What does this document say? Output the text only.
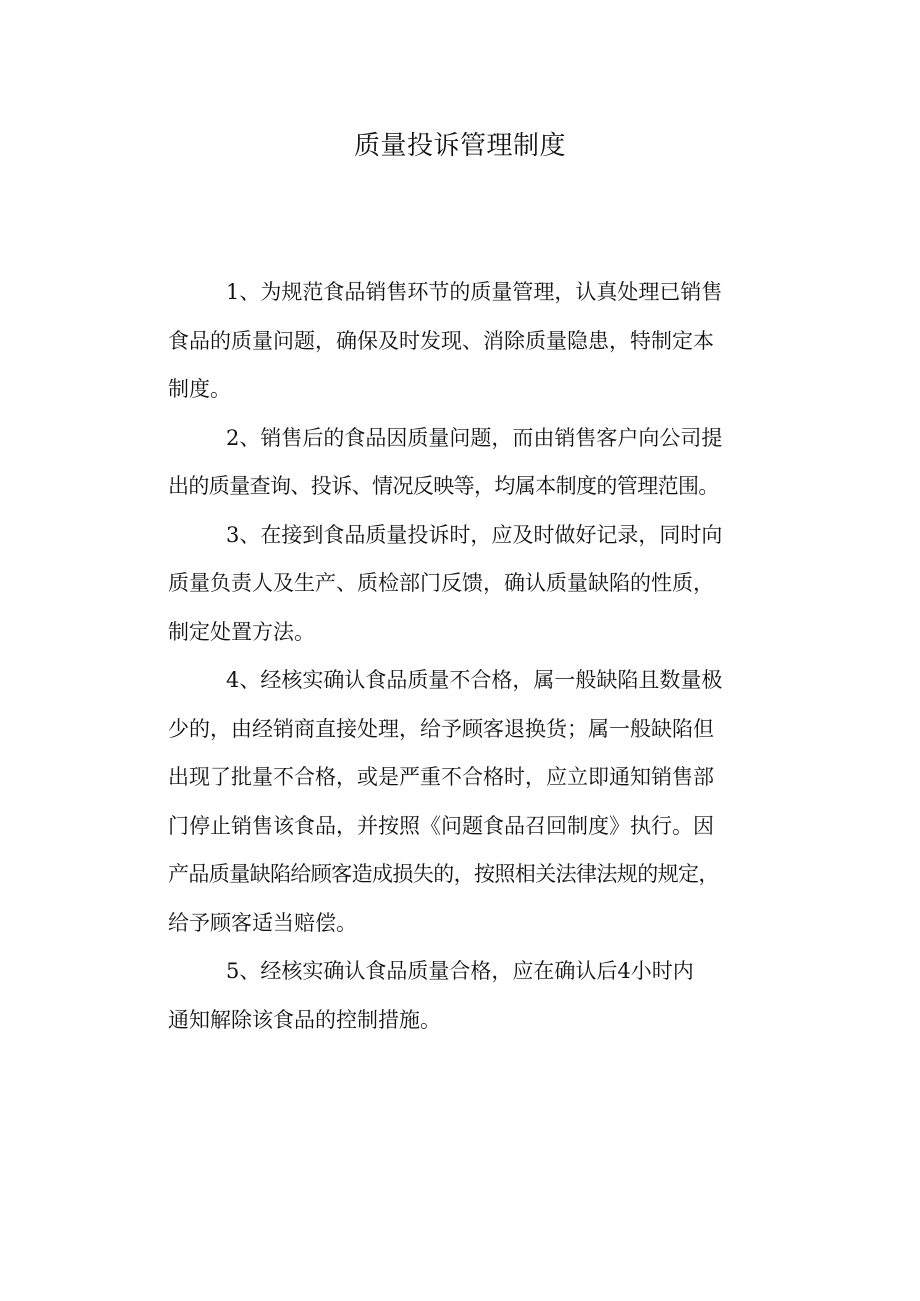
质量投诉管理制度
1、为规范食品销售环节的质量管理，认真处理已销售
食品的质量问题，确保及时发现、消除质量隐患，特制定本
制度。
2、销售后的食品因质量问题，而由销售客户向公司提
出的质量查询、投诉、情况反映等，均属本制度的管理范围。
3、在接到食品质量投诉时，应及时做好记录，同时向
质量负责人及生产、质检部门反馈，确认质量缺陷的性质，
制定处置方法。
4、经核实确认食品质量不合格，属一般缺陷且数量极
少的，由经销商直接处理，给予顾客退换货；属一般缺陷但
出现了批量不合格，或是严重不合格时，应立即通知销售部
门停止销售该食品，并按照《问题食品召回制度》执行。因
产品质量缺陷给顾客造成损失的，按照相关法律法规的规定，
给予顾客适当赔偿。
5、经核实确认食品质量合格，应在确认后4小时内
通知解除该食品的控制措施。
